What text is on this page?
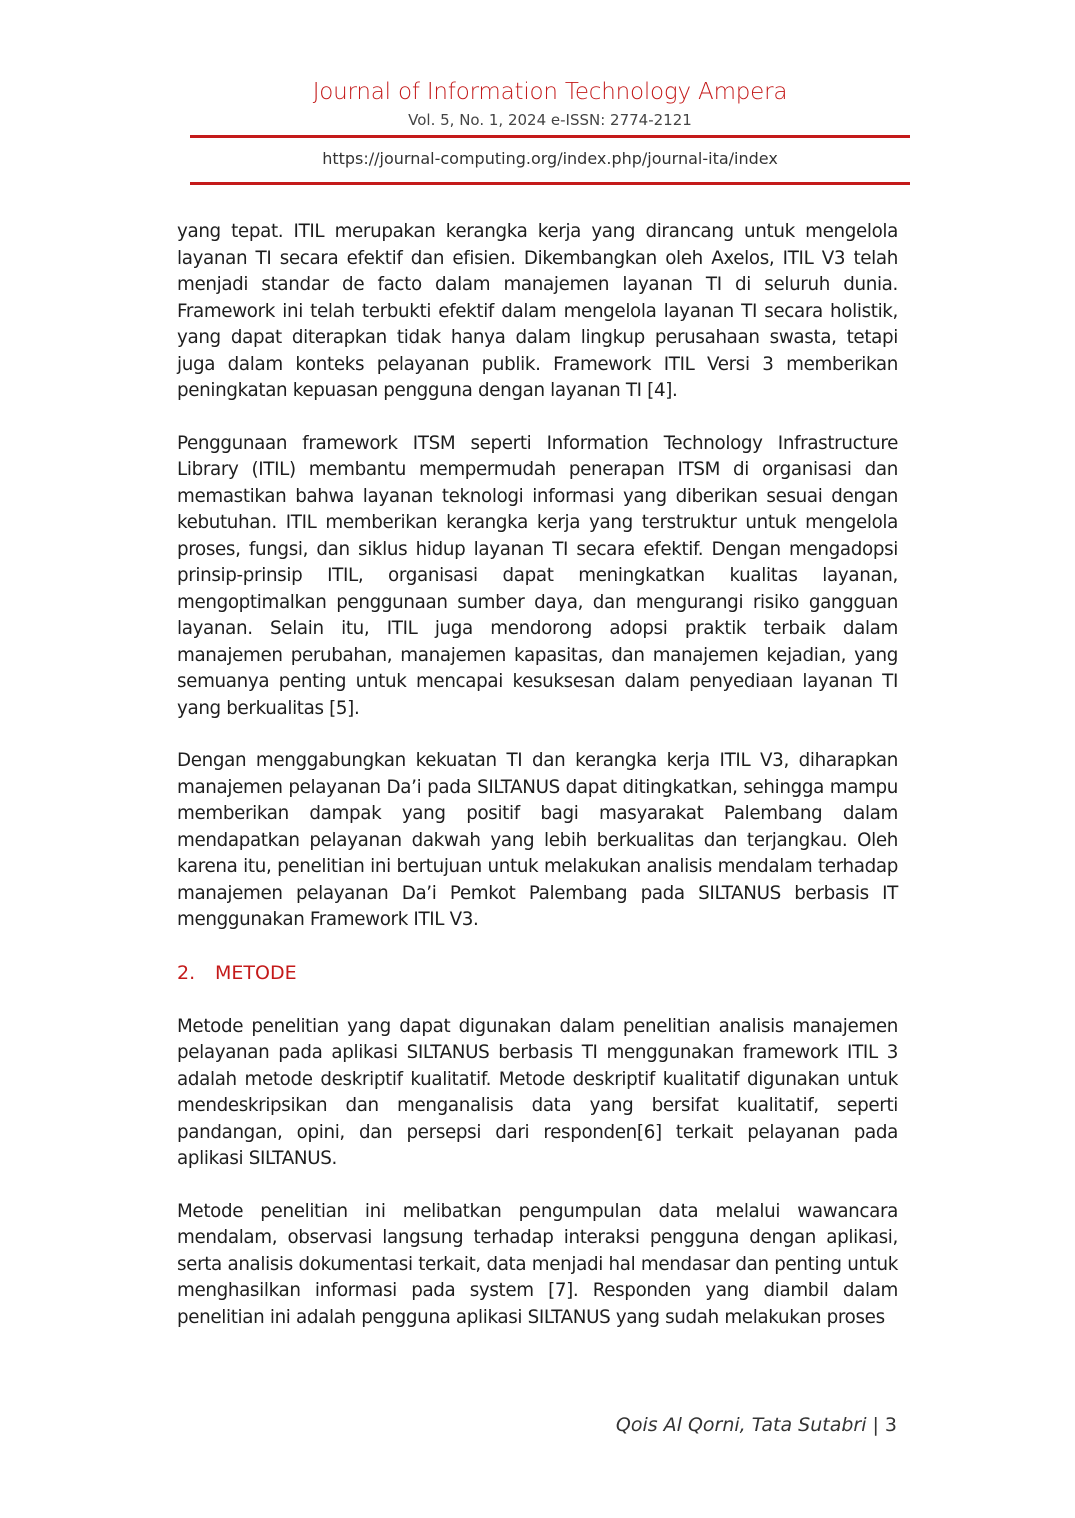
Journal of Information Technology Ampera
Vol. 5, No. 1, 2024 e-ISSN: 2774-2121
https://journal-computing.org/index.php/journal-ita/index

yang tepat. ITIL merupakan kerangka kerja yang dirancang untuk mengelola layanan TI secara efektif dan efisien. Dikembangkan oleh Axelos, ITIL V3 telah menjadi standar de facto dalam manajemen layanan TI di seluruh dunia. Framework ini telah terbukti efektif dalam mengelola layanan TI secara holistik, yang dapat diterapkan tidak hanya dalam lingkup perusahaan swasta, tetapi juga dalam konteks pelayanan publik. Framework ITIL Versi 3 memberikan peningkatan kepuasan pengguna dengan layanan TI [4].

Penggunaan framework ITSM seperti Information Technology Infrastructure Library (ITIL) membantu mempermudah penerapan ITSM di organisasi dan memastikan bahwa layanan teknologi informasi yang diberikan sesuai dengan kebutuhan. ITIL memberikan kerangka kerja yang terstruktur untuk mengelola proses, fungsi, dan siklus hidup layanan TI secara efektif. Dengan mengadopsi prinsip-prinsip ITIL, organisasi dapat meningkatkan kualitas layanan, mengoptimalkan penggunaan sumber daya, dan mengurangi risiko gangguan layanan. Selain itu, ITIL juga mendorong adopsi praktik terbaik dalam manajemen perubahan, manajemen kapasitas, dan manajemen kejadian, yang semuanya penting untuk mencapai kesuksesan dalam penyediaan layanan TI yang berkualitas [5].

Dengan menggabungkan kekuatan TI dan kerangka kerja ITIL V3, diharapkan manajemen pelayanan Da’i pada SILTANUS dapat ditingkatkan, sehingga mampu memberikan dampak yang positif bagi masyarakat Palembang dalam mendapatkan pelayanan dakwah yang lebih berkualitas dan terjangkau. Oleh karena itu, penelitian ini bertujuan untuk melakukan analisis mendalam terhadap manajemen pelayanan Da’i Pemkot Palembang pada SILTANUS berbasis IT menggunakan Framework ITIL V3.

2.	METODE

Metode penelitian yang dapat digunakan dalam penelitian analisis manajemen pelayanan pada aplikasi SILTANUS berbasis TI menggunakan framework ITIL 3 adalah metode deskriptif kualitatif. Metode deskriptif kualitatif digunakan untuk mendeskripsikan dan menganalisis data yang bersifat kualitatif, seperti pandangan, opini, dan persepsi dari responden[6] terkait pelayanan pada aplikasi SILTANUS.

Metode penelitian ini melibatkan pengumpulan data melalui wawancara mendalam, observasi langsung terhadap interaksi pengguna dengan aplikasi, serta analisis dokumentasi terkait, data menjadi hal mendasar dan penting untuk menghasilkan informasi pada system [7]. Responden yang diambil dalam penelitian ini adalah pengguna aplikasi SILTANUS yang sudah melakukan proses

Qois Al Qorni, Tata Sutabri | 3
